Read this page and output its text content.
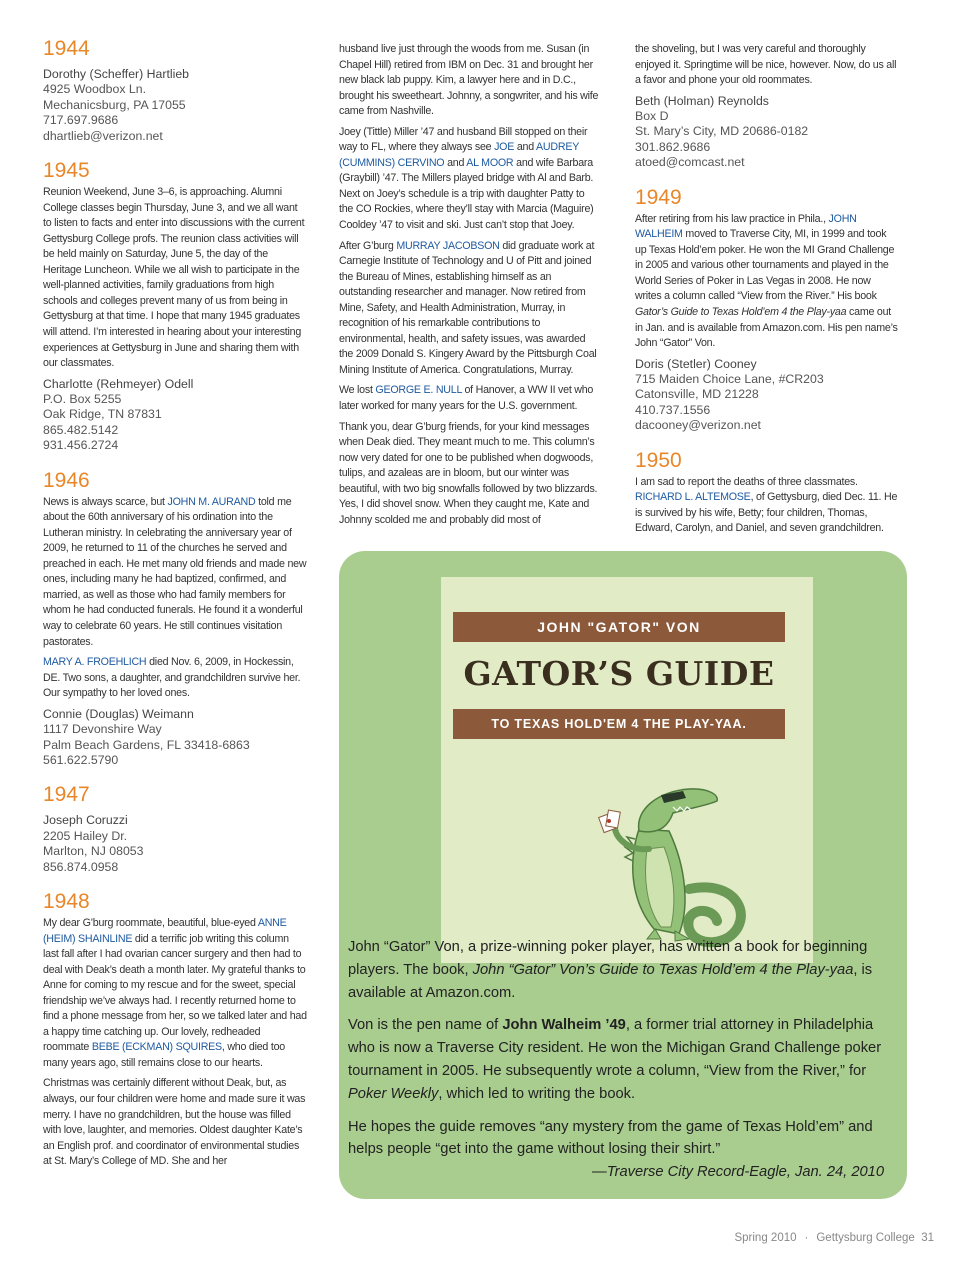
1944
Dorothy (Scheffer) Hartlieb
4925 Woodbox Ln.
Mechanicsburg, PA 17055
717.697.9686
dhartlieb@verizon.net
1945

Reunion Weekend, June 3–6, is approaching. Alumni College classes begin Thursday, June 3, and we all want to listen to facts and enter into discussions with the current Gettysburg College profs. The reunion class activities will be held mainly on Saturday, June 5, the day of the Heritage Luncheon. While we all wish to participate in the well-planned activities, family graduations from high schools and colleges prevent many of us from being in Gettysburg at that time. I hope that many 1945 graduates will attend. I’m interested in hearing about your interesting experiences at Gettysburg in June and sharing them with our classmates.

Charlotte (Rehmeyer) Odell
P.O. Box 5255
Oak Ridge, TN 87831
865.482.5142
931.456.2724
1946

News is always scarce, but JOHN M. AURAND told me about the 60th anniversary of his ordination into the Lutheran ministry. In celebrating the anniversary year of 2009, he returned to 11 of the churches he served and preached in each. He met many old friends and made new ones, including many he had baptized, confirmed, and married, as well as those who had family members for whom he had conducted funerals. He found it a wonderful way to celebrate 60 years. He still continues visitation pastorates.

MARY A. FROEHLICH died Nov. 6, 2009, in Hockessin, DE. Two sons, a daughter, and grandchildren survive her. Our sympathy to her loved ones.

Connie (Douglas) Weimann
1117 Devonshire Way
Palm Beach Gardens, FL 33418-6863
561.622.5790
1947
Joseph Coruzzi
2205 Hailey Dr.
Marlton, NJ 08053
856.874.0958
1948

My dear G’burg roommate, beautiful, blue-eyed ANNE (HEIM) SHAINLINE did a terrific job writing this column last fall after I had ovarian cancer surgery and then had to deal with Deak’s death a month later. My grateful thanks to Anne for coming to my rescue and for the sweet, special friendship we’ve always had. I recently returned home to find a phone message from her, so we talked later and had a happy time catching up. Our lovely, redheaded roommate BEBE (ECKMAN) SQUIRES, who died too many years ago, still remains close to our hearts.

Christmas was certainly different without Deak, but, as always, our four children were home and made sure it was merry. I have no grandchildren, but the house was filled with love, laughter, and memories. Oldest daughter Kate’s an English prof. and coordinator of environmental studies at St. Mary’s College of MD. She and her

husband live just through the woods from me. Susan (in Chapel Hill) retired from IBM on Dec. 31 and brought her new black lab puppy. Kim, a lawyer here and in D.C., brought his sweetheart. Johnny, a songwriter, and his wife came from Nashville.

Joey (Tittle) Miller ’47 and husband Bill stopped on their way to FL, where they always see JOE and AUDREY (CUMMINS) CERVINO and AL MOOR and wife Barbara (Graybill) ’47. The Millers played bridge with Al and Barb. Next on Joey’s schedule is a trip with daughter Patty to the CO Rockies, where they’ll stay with Marcia (Maguire) Cooldey ’47 to visit and ski. Just can’t stop that Joey.

After G’burg MURRAY JACOBSON did graduate work at Carnegie Institute of Technology and U of Pitt and joined the Bureau of Mines, establishing himself as an outstanding researcher and manager. Now retired from Mine, Safety, and Health Administration, Murray, in recognition of his remarkable contributions to environmental, health, and safety issues, was awarded the 2009 Donald S. Kingery Award by the Pittsburgh Coal Mining Institute of America. Congratulations, Murray.

We lost GEORGE E. NULL of Hanover, a WW II vet who later worked for many years for the U.S. government.

Thank you, dear G’burg friends, for your kind messages when Deak died. They meant much to me. This column’s now very dated for one to be published when dogwoods, tulips, and azaleas are in bloom, but our winter was beautiful, with two big snowfalls followed by two blizzards. Yes, I did shovel snow. When they caught me, Kate and Johnny scolded me and probably did most of

the shoveling, but I was very careful and thoroughly enjoyed it. Springtime will be nice, however. Now, do us all a favor and phone your old roommates.

Beth (Holman) Reynolds
Box D
St. Mary’s City, MD 20686-0182
301.862.9686
atoed@comcast.net
1949

After retiring from his law practice in Phila., JOHN WALHEIM moved to Traverse City, MI, in 1999 and took up Texas Hold’em poker. He won the MI Grand Challenge in 2005 and various other tournaments and played in the World Series of Poker in Las Vegas in 2008. He now writes a column called “View from the River.” His book Gator’s Guide to Texas Hold’em 4 the Play-yaa came out in Jan. and is available from Amazon.com. His pen name’s John “Gator” Von.

Doris (Stetler) Cooney
715 Maiden Choice Lane, #CR203
Catonsville, MD 21228
410.737.1556
dacooney@verizon.net
1950

I am sad to report the deaths of three classmates. RICHARD L. ALTEMOSE, of Gettysburg, died Dec. 11. He is survived by his wife, Betty; four children, Thomas, Edward, Carolyn, and Daniel, and seven grandchildren.

JOHN "GATOR" VON
GATOR’S GUIDE
TO TEXAS HOLD'EM 4 THE PLAY-YAA.

John “Gator” Von, a prize-winning poker player, has written a book for beginning players. The book, John “Gator” Von’s Guide to Texas Hold’em 4 the Play-yaa, is available at Amazon.com.

Von is the pen name of John Walheim ’49, a former trial attorney in Philadelphia who is now a Traverse City resident. He won the Michigan Grand Challenge poker tournament in 2005. He subsequently wrote a column, “View from the River,” for Poker Weekly, which led to writing the book.

He hopes the guide removes “any mystery from the game of Texas Hold’em” and helps people “get into the game without losing their shirt.”

—Traverse City Record-Eagle, Jan. 24, 2010

Spring 2010 · Gettysburg College 31
